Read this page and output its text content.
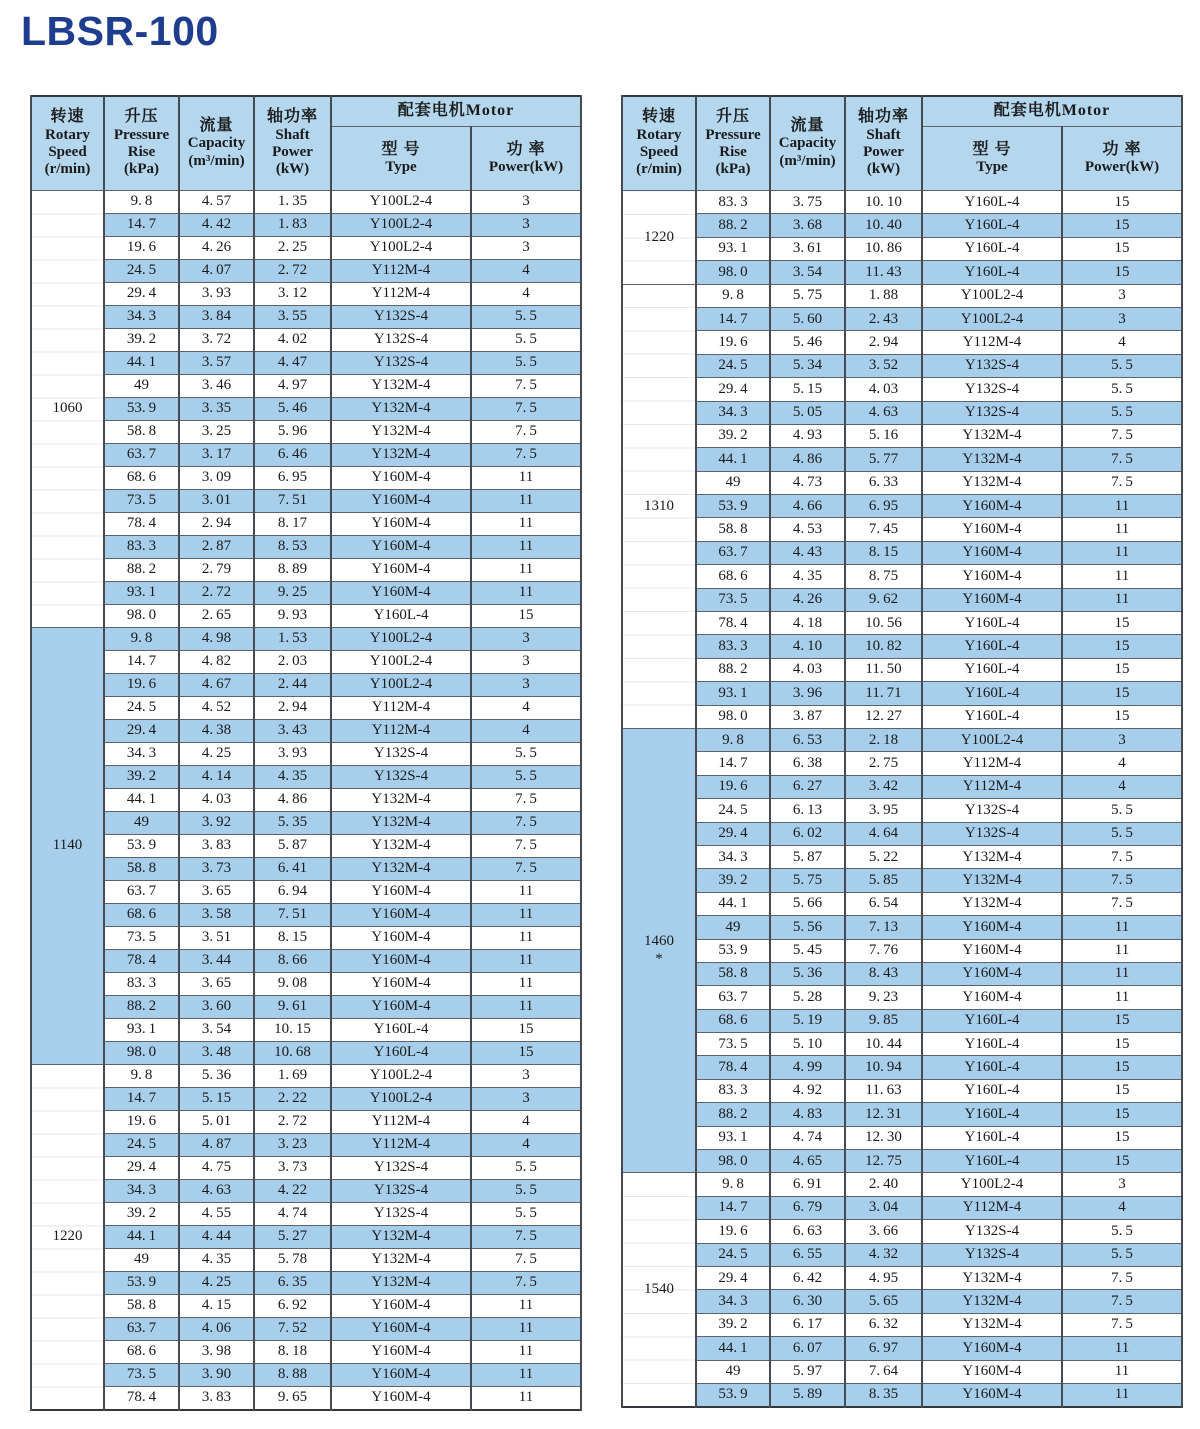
LBSR-100
转速
Rotary
Speed
(r/min)	升压
Pressure
Rise
(kPa)	流量
Capacity
(m³/min)	轴功率
Shaft
Power
(kW)	配套电机Motor	
				型 号
Type	功 率
Power(kW)
1060	9. 8	4. 57	1. 35	Y100L2-4	3
	14. 7	4. 42	1. 83	Y100L2-4	3
	19. 6	4. 26	2. 25	Y100L2-4	3
	24. 5	4. 07	2. 72	Y112M-4	4
	29. 4	3. 93	3. 12	Y112M-4	4
	34. 3	3. 84	3. 55	Y132S-4	5. 5
	39. 2	3. 72	4. 02	Y132S-4	5. 5
	44. 1	3. 57	4. 47	Y132S-4	5. 5
	49	3. 46	4. 97	Y132M-4	7. 5
	53. 9	3. 35	5. 46	Y132M-4	7. 5
	58. 8	3. 25	5. 96	Y132M-4	7. 5
	63. 7	3. 17	6. 46	Y132M-4	7. 5
	68. 6	3. 09	6. 95	Y160M-4	11
	73. 5	3. 01	7. 51	Y160M-4	11
	78. 4	2. 94	8. 17	Y160M-4	11
	83. 3	2. 87	8. 53	Y160M-4	11
	88. 2	2. 79	8. 89	Y160M-4	11
	93. 1	2. 72	9. 25	Y160M-4	11
	98. 0	2. 65	9. 93	Y160L-4	15
1140	9. 8	4. 98	1. 53	Y100L2-4	3
	14. 7	4. 82	2. 03	Y100L2-4	3
	19. 6	4. 67	2. 44	Y100L2-4	3
	24. 5	4. 52	2. 94	Y112M-4	4
	29. 4	4. 38	3. 43	Y112M-4	4
	34. 3	4. 25	3. 93	Y132S-4	5. 5
	39. 2	4. 14	4. 35	Y132S-4	5. 5
	44. 1	4. 03	4. 86	Y132M-4	7. 5
	49	3. 92	5. 35	Y132M-4	7. 5
	53. 9	3. 83	5. 87	Y132M-4	7. 5
	58. 8	3. 73	6. 41	Y132M-4	7. 5
	63. 7	3. 65	6. 94	Y160M-4	11
	68. 6	3. 58	7. 51	Y160M-4	11
	73. 5	3. 51	8. 15	Y160M-4	11
	78. 4	3. 44	8. 66	Y160M-4	11
	83. 3	3. 65	9. 08	Y160M-4	11
	88. 2	3. 60	9. 61	Y160M-4	11
	93. 1	3. 54	10. 15	Y160L-4	15
	98. 0	3. 48	10. 68	Y160L-4	15
1220	9. 8	5. 36	1. 69	Y100L2-4	3
	14. 7	5. 15	2. 22	Y100L2-4	3
	19. 6	5. 01	2. 72	Y112M-4	4
	24. 5	4. 87	3. 23	Y112M-4	4
	29. 4	4. 75	3. 73	Y132S-4	5. 5
	34. 3	4. 63	4. 22	Y132S-4	5. 5
	39. 2	4. 55	4. 74	Y132S-4	5. 5
	44. 1	4. 44	5. 27	Y132M-4	7. 5
	49	4. 35	5. 78	Y132M-4	7. 5
	53. 9	4. 25	6. 35	Y132M-4	7. 5
	58. 8	4. 15	6. 92	Y160M-4	11
	63. 7	4. 06	7. 52	Y160M-4	11
	68. 6	3. 98	8. 18	Y160M-4	11
	73. 5	3. 90	8. 88	Y160M-4	11
	78. 4	3. 83	9. 65	Y160M-4	11
转速
Rotary
Speed
(r/min)	升压
Pressure
Rise
(kPa)	流量
Capacity
(m³/min)	轴功率
Shaft
Power
(kW)	配套电机Motor	
				型 号
Type	功 率
Power(kW)
1220	83. 3	3. 75	10. 10	Y160L-4	15
	88. 2	3. 68	10. 40	Y160L-4	15
	93. 1	3. 61	10. 86	Y160L-4	15
	98. 0	3. 54	11. 43	Y160L-4	15
1310	9. 8	5. 75	1. 88	Y100L2-4	3
	14. 7	5. 60	2. 43	Y100L2-4	3
	19. 6	5. 46	2. 94	Y112M-4	4
	24. 5	5. 34	3. 52	Y132S-4	5. 5
	29. 4	5. 15	4. 03	Y132S-4	5. 5
	34. 3	5. 05	4. 63	Y132S-4	5. 5
	39. 2	4. 93	5. 16	Y132M-4	7. 5
	44. 1	4. 86	5. 77	Y132M-4	7. 5
	49	4. 73	6. 33	Y132M-4	7. 5
	53. 9	4. 66	6. 95	Y160M-4	11
	58. 8	4. 53	7. 45	Y160M-4	11
	63. 7	4. 43	8. 15	Y160M-4	11
	68. 6	4. 35	8. 75	Y160M-4	11
	73. 5	4. 26	9. 62	Y160M-4	11
	78. 4	4. 18	10. 56	Y160L-4	15
	83. 3	4. 10	10. 82	Y160L-4	15
	88. 2	4. 03	11. 50	Y160L-4	15
	93. 1	3. 96	11. 71	Y160L-4	15
	98. 0	3. 87	12. 27	Y160L-4	15
1460
*	9. 8	6. 53	2. 18	Y100L2-4	3
	14. 7	6. 38	2. 75	Y112M-4	4
	19. 6	6. 27	3. 42	Y112M-4	4
	24. 5	6. 13	3. 95	Y132S-4	5. 5
	29. 4	6. 02	4. 64	Y132S-4	5. 5
	34. 3	5. 87	5. 22	Y132M-4	7. 5
	39. 2	5. 75	5. 85	Y132M-4	7. 5
	44. 1	5. 66	6. 54	Y132M-4	7. 5
	49	5. 56	7. 13	Y160M-4	11
	53. 9	5. 45	7. 76	Y160M-4	11
	58. 8	5. 36	8. 43	Y160M-4	11
	63. 7	5. 28	9. 23	Y160M-4	11
	68. 6	5. 19	9. 85	Y160L-4	15
	73. 5	5. 10	10. 44	Y160L-4	15
	78. 4	4. 99	10. 94	Y160L-4	15
	83. 3	4. 92	11. 63	Y160L-4	15
	88. 2	4. 83	12. 31	Y160L-4	15
	93. 1	4. 74	12. 30	Y160L-4	15
	98. 0	4. 65	12. 75	Y160L-4	15
1540	9. 8	6. 91	2. 40	Y100L2-4	3
	14. 7	6. 79	3. 04	Y112M-4	4
	19. 6	6. 63	3. 66	Y132S-4	5. 5
	24. 5	6. 55	4. 32	Y132S-4	5. 5
	29. 4	6. 42	4. 95	Y132M-4	7. 5
	34. 3	6. 30	5. 65	Y132M-4	7. 5
	39. 2	6. 17	6. 32	Y132M-4	7. 5
	44. 1	6. 07	6. 97	Y160M-4	11
	49	5. 97	7. 64	Y160M-4	11
	53. 9	5. 89	8. 35	Y160M-4	11
